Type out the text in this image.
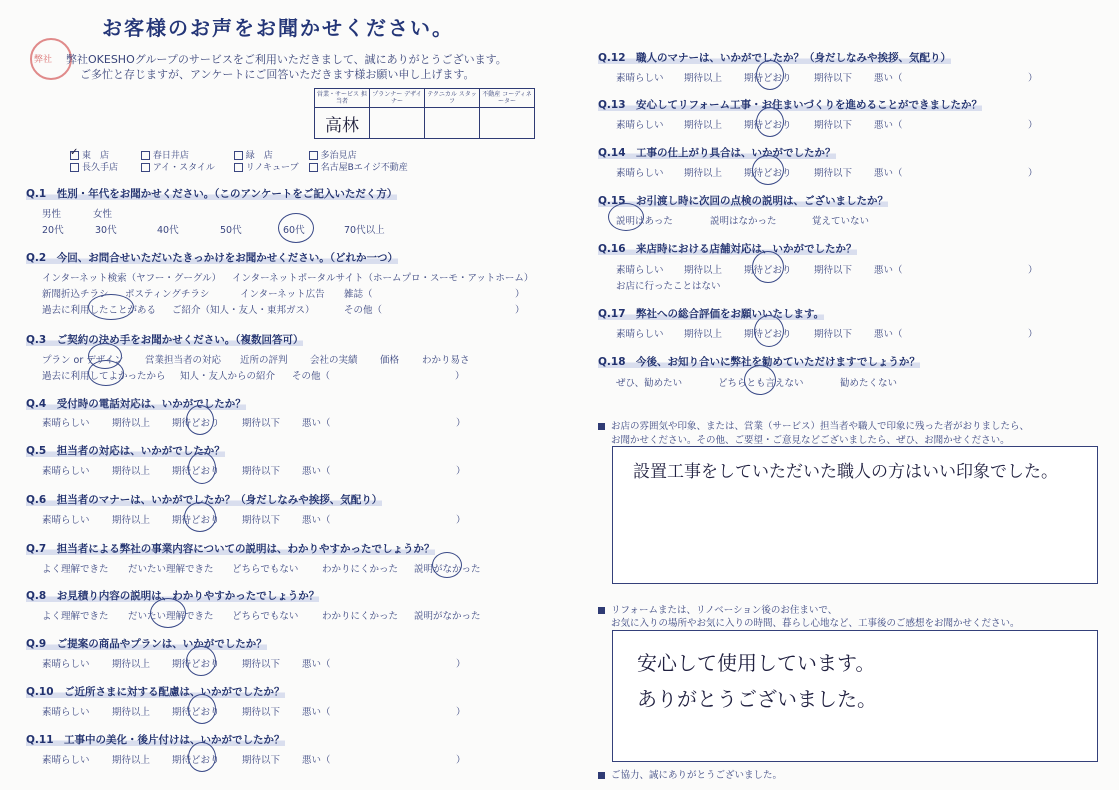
お客様のお声をお聞かせください。
弊社 弊社OKESHOグループのサービスをご利用いただきまして、誠にありがとうございます。
ご多忙と存じますが、アンケートにご回答いただきます様お願い申し上げます。
営業・サービス 担当者	プランナー デザイナー	テクニカル スタッフ	不動産 コーディネーター
高林			
✓ 東　店	春日井店	緑　店	多治見店
長久手店	アイ・スタイル	リノキューブ 名古屋Bエイジ不動産
Q.1　性別・年代をお聞かせください。（このアンケートをご記入いただく方）
男性	女性
20代	30代	40代	50代	60代	70代以上
Q.2　今回、お問合せいただいたきっかけをお聞かせください。（どれか一つ）
インターネット検索（ヤフー・グーグル） インターネットポータルサイト（ホームプロ・スーモ・アットホーム）
新聞折込チラシ ポスティングチラシ	インターネット広告 雑誌（	）
過去に利用したことがある ご紹介（知人・友人・東邦ガス）	その他（	）
Q.3　ご契約の決め手をお聞かせください。（複数回答可）
プラン or デザイン 営業担当者の対応 近所の評判 会社の実績 価格 わかり易さ
過去に利用してよかったから 知人・友人からの紹介 その他（	）
Q.4　受付時の電話対応は、いかがでしたか？
素晴らしい 期待以上 期待どおり 期待以下 悪い（	）
Q.5　担当者の対応は、いかがでしたか？
素晴らしい 期待以上 期待どおり 期待以下 悪い（	）
Q.6　担当者のマナーは、いかがでしたか？（身だしなみや挨拶、気配り）
素晴らしい 期待以上 期待どおり 期待以下 悪い（	）
Q.7　担当者による弊社の事業内容についての説明は、わかりやすかったでしょうか？
よく理解できた だいたい理解できた どちらでもない わかりにくかった 説明がなかった
Q.8　お見積り内容の説明は、わかりやすかったでしょうか？
よく理解できた だいたい理解できた どちらでもない わかりにくかった 説明がなかった
Q.9　ご提案の商品やプランは、いかがでしたか？
素晴らしい 期待以上 期待どおり 期待以下 悪い（	）
Q.10　ご近所さまに対する配慮は、いかがでしたか？
素晴らしい 期待以上 期待どおり 期待以下 悪い（	）
Q.11　工事中の美化・後片付けは、いかがでしたか？
素晴らしい 期待以上 期待どおり 期待以下 悪い（	）
Q.12　職人のマナーは、いかがでしたか？（身だしなみや挨拶、気配り）
素晴らしい 期待以上 期待どおり 期待以下 悪い（	）
Q.13　安心してリフォーム工事・お住まいづくりを進めることができましたか？
素晴らしい 期待以上 期待どおり 期待以下 悪い（	）
Q.14　工事の仕上がり具合は、いかがでしたか？
素晴らしい 期待以上 期待どおり 期待以下 悪い（	）
Q.15　お引渡し時に次回の点検の説明は、ございましたか？
説明はあった	説明はなかった	覚えていない
Q.16　来店時における店舗対応は、いかがでしたか？
素晴らしい 期待以上 期待どおり 期待以下 悪い（	）
お店に行ったことはない
Q.17　弊社への総合評価をお願いいたします。
素晴らしい 期待以上 期待どおり 期待以下 悪い（	）
Q.18　今後、お知り合いに弊社を勧めていただけますでしょうか？
ぜひ、勧めたい	どちらとも言えない	勧めたくない
お店の雰囲気や印象、または、営業（サービス）担当者や職人で印象に残った者がおりましたら、
お聞かせください。その他、ご要望・ご意見などございましたら、ぜひ、お聞かせください。
設置工事をしていただいた職人の方はいい印象でした。
リフォームまたは、リノベーション後のお住まいで、
お気に入りの場所やお気に入りの時間、暮らし心地など、工事後のご感想をお聞かせください。
安心して使用しています。
ありがとうございました。
ご協力、誠にありがとうございました。
